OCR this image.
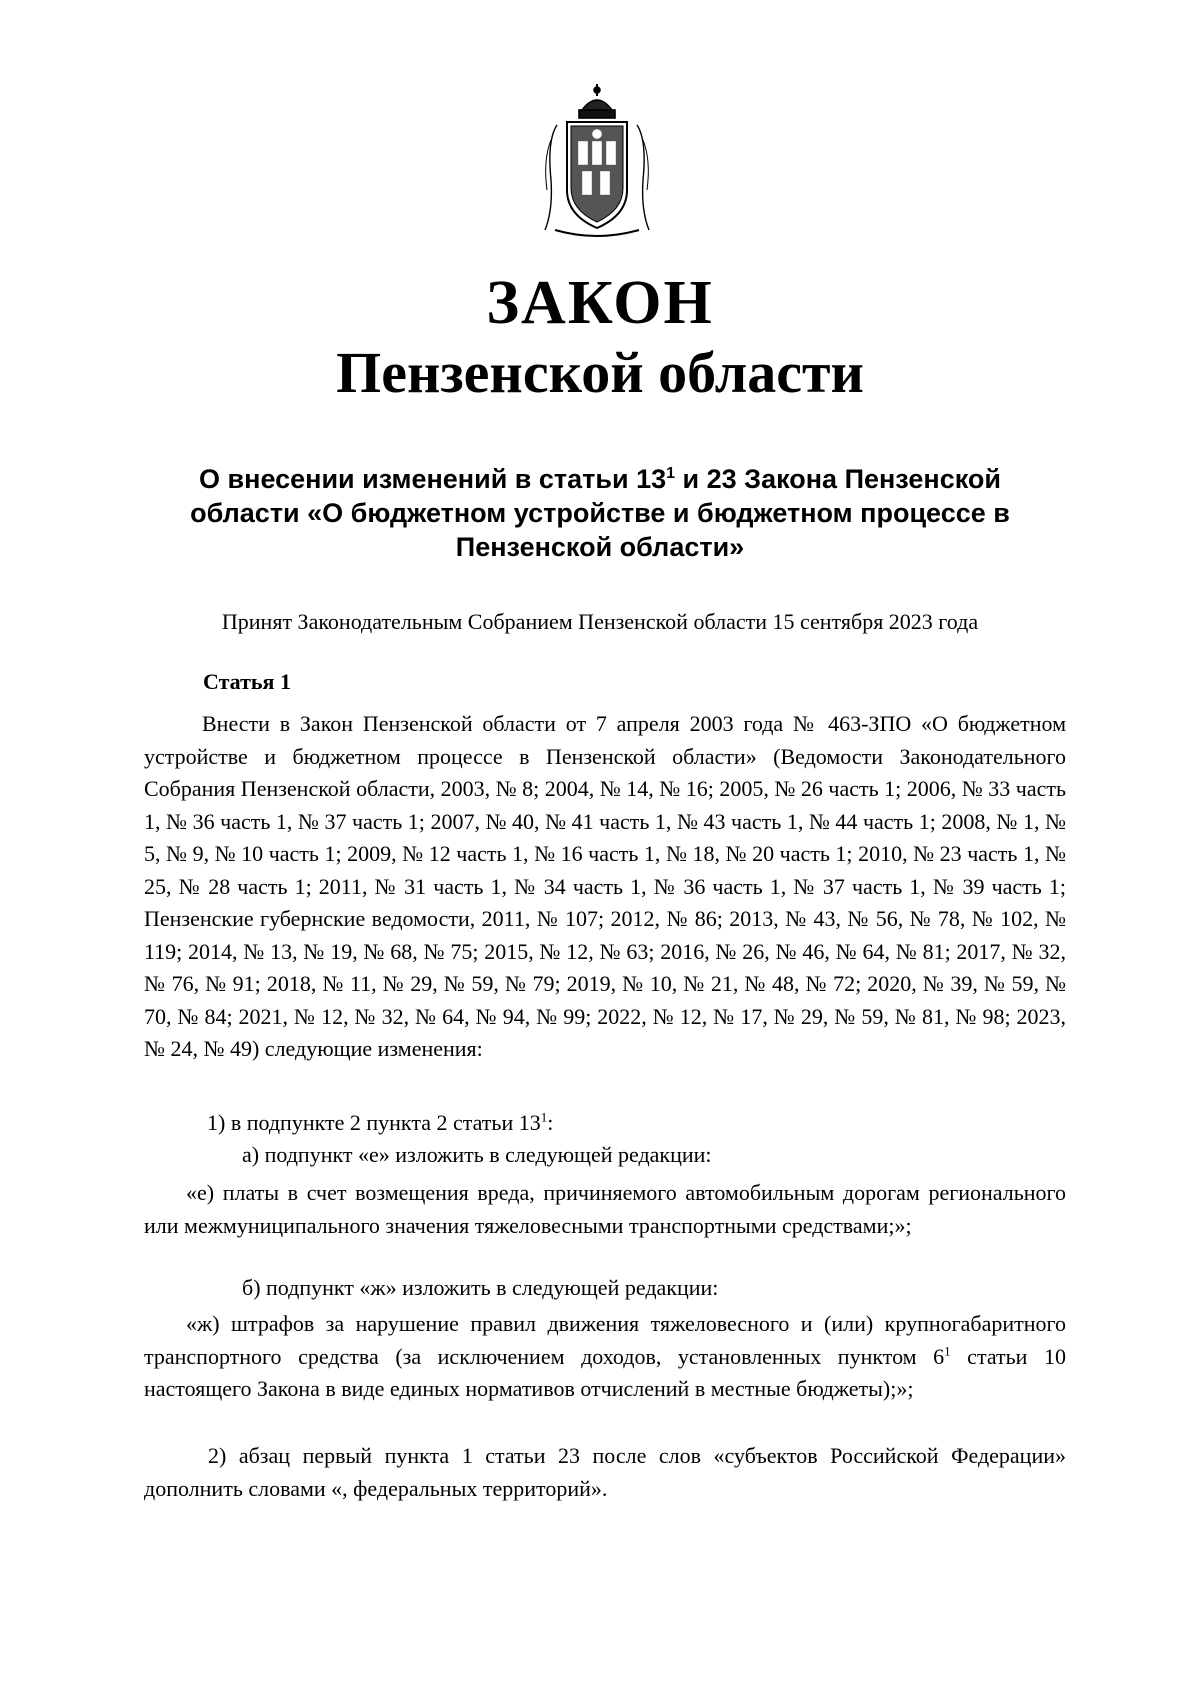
ЗАКОН
Пензенской области
О внесении изменений в статьи $13^1$ и 23 Закона Пензенской области «О бюджетном устройстве и бюджетном процессе в Пензенской области»
Принят Законодательным Собранием Пензенской области 15 сентября 2023 года
Статья 1
Внести в Закон Пензенской области от 7 апреля 2003 года № 463-ЗПО «О бюджетном устройстве и бюджетном процессе в Пензенской области» (Ведомости Законодательного Собрания Пензенской области, 2003, № 8; 2004, № 14, № 16; 2005, № 26 часть 1; 2006, № 33 часть 1, № 36 часть 1, № 37 часть 1; 2007, № 40, № 41 часть 1, № 43 часть 1, № 44 часть 1; 2008, № 1, № 5, № 9, № 10 часть 1; 2009, № 12 часть 1, № 16 часть 1, № 18, № 20 часть 1; 2010, № 23 часть 1, № 25, № 28 часть 1; 2011, № 31 часть 1, № 34 часть 1, № 36 часть 1, № 37 часть 1, № 39 часть 1; Пензенские губернские ведомости, 2011, № 107; 2012, № 86; 2013, № 43, № 56, № 78, № 102, № 119; 2014, № 13, № 19, № 68, № 75; 2015, № 12, № 63; 2016, № 26, № 46, № 64, № 81; 2017, № 32, № 76, № 91; 2018, № 11, № 29, № 59, № 79; 2019, № 10, № 21, № 48, № 72; 2020, № 39, № 59, № 70, № 84; 2021, № 12, № 32, № 64, № 94, № 99; 2022, № 12, № 17, № 29, № 59, № 81, № 98; 2023, № 24, № 49) следующие изменения:
1) в подпункте 2 пункта 2 статьи $13^1$:
а) подпункт «е» изложить в следующей редакции:
«е) платы в счет возмещения вреда, причиняемого автомобильным дорогам регионального или межмуниципального значения тяжеловесными транспортными средствами;»;
б) подпункт «ж» изложить в следующей редакции:
«ж) штрафов за нарушение правил движения тяжеловесного и (или) крупногабаритного транспортного средства (за исключением доходов, установленных пунктом $6^1$ статьи 10 настоящего Закона в виде единых нормативов отчислений в местные бюджеты);»;
2) абзац первый пункта 1 статьи 23 после слов «субъектов Российской Федерации» дополнить словами «, федеральных территорий».
